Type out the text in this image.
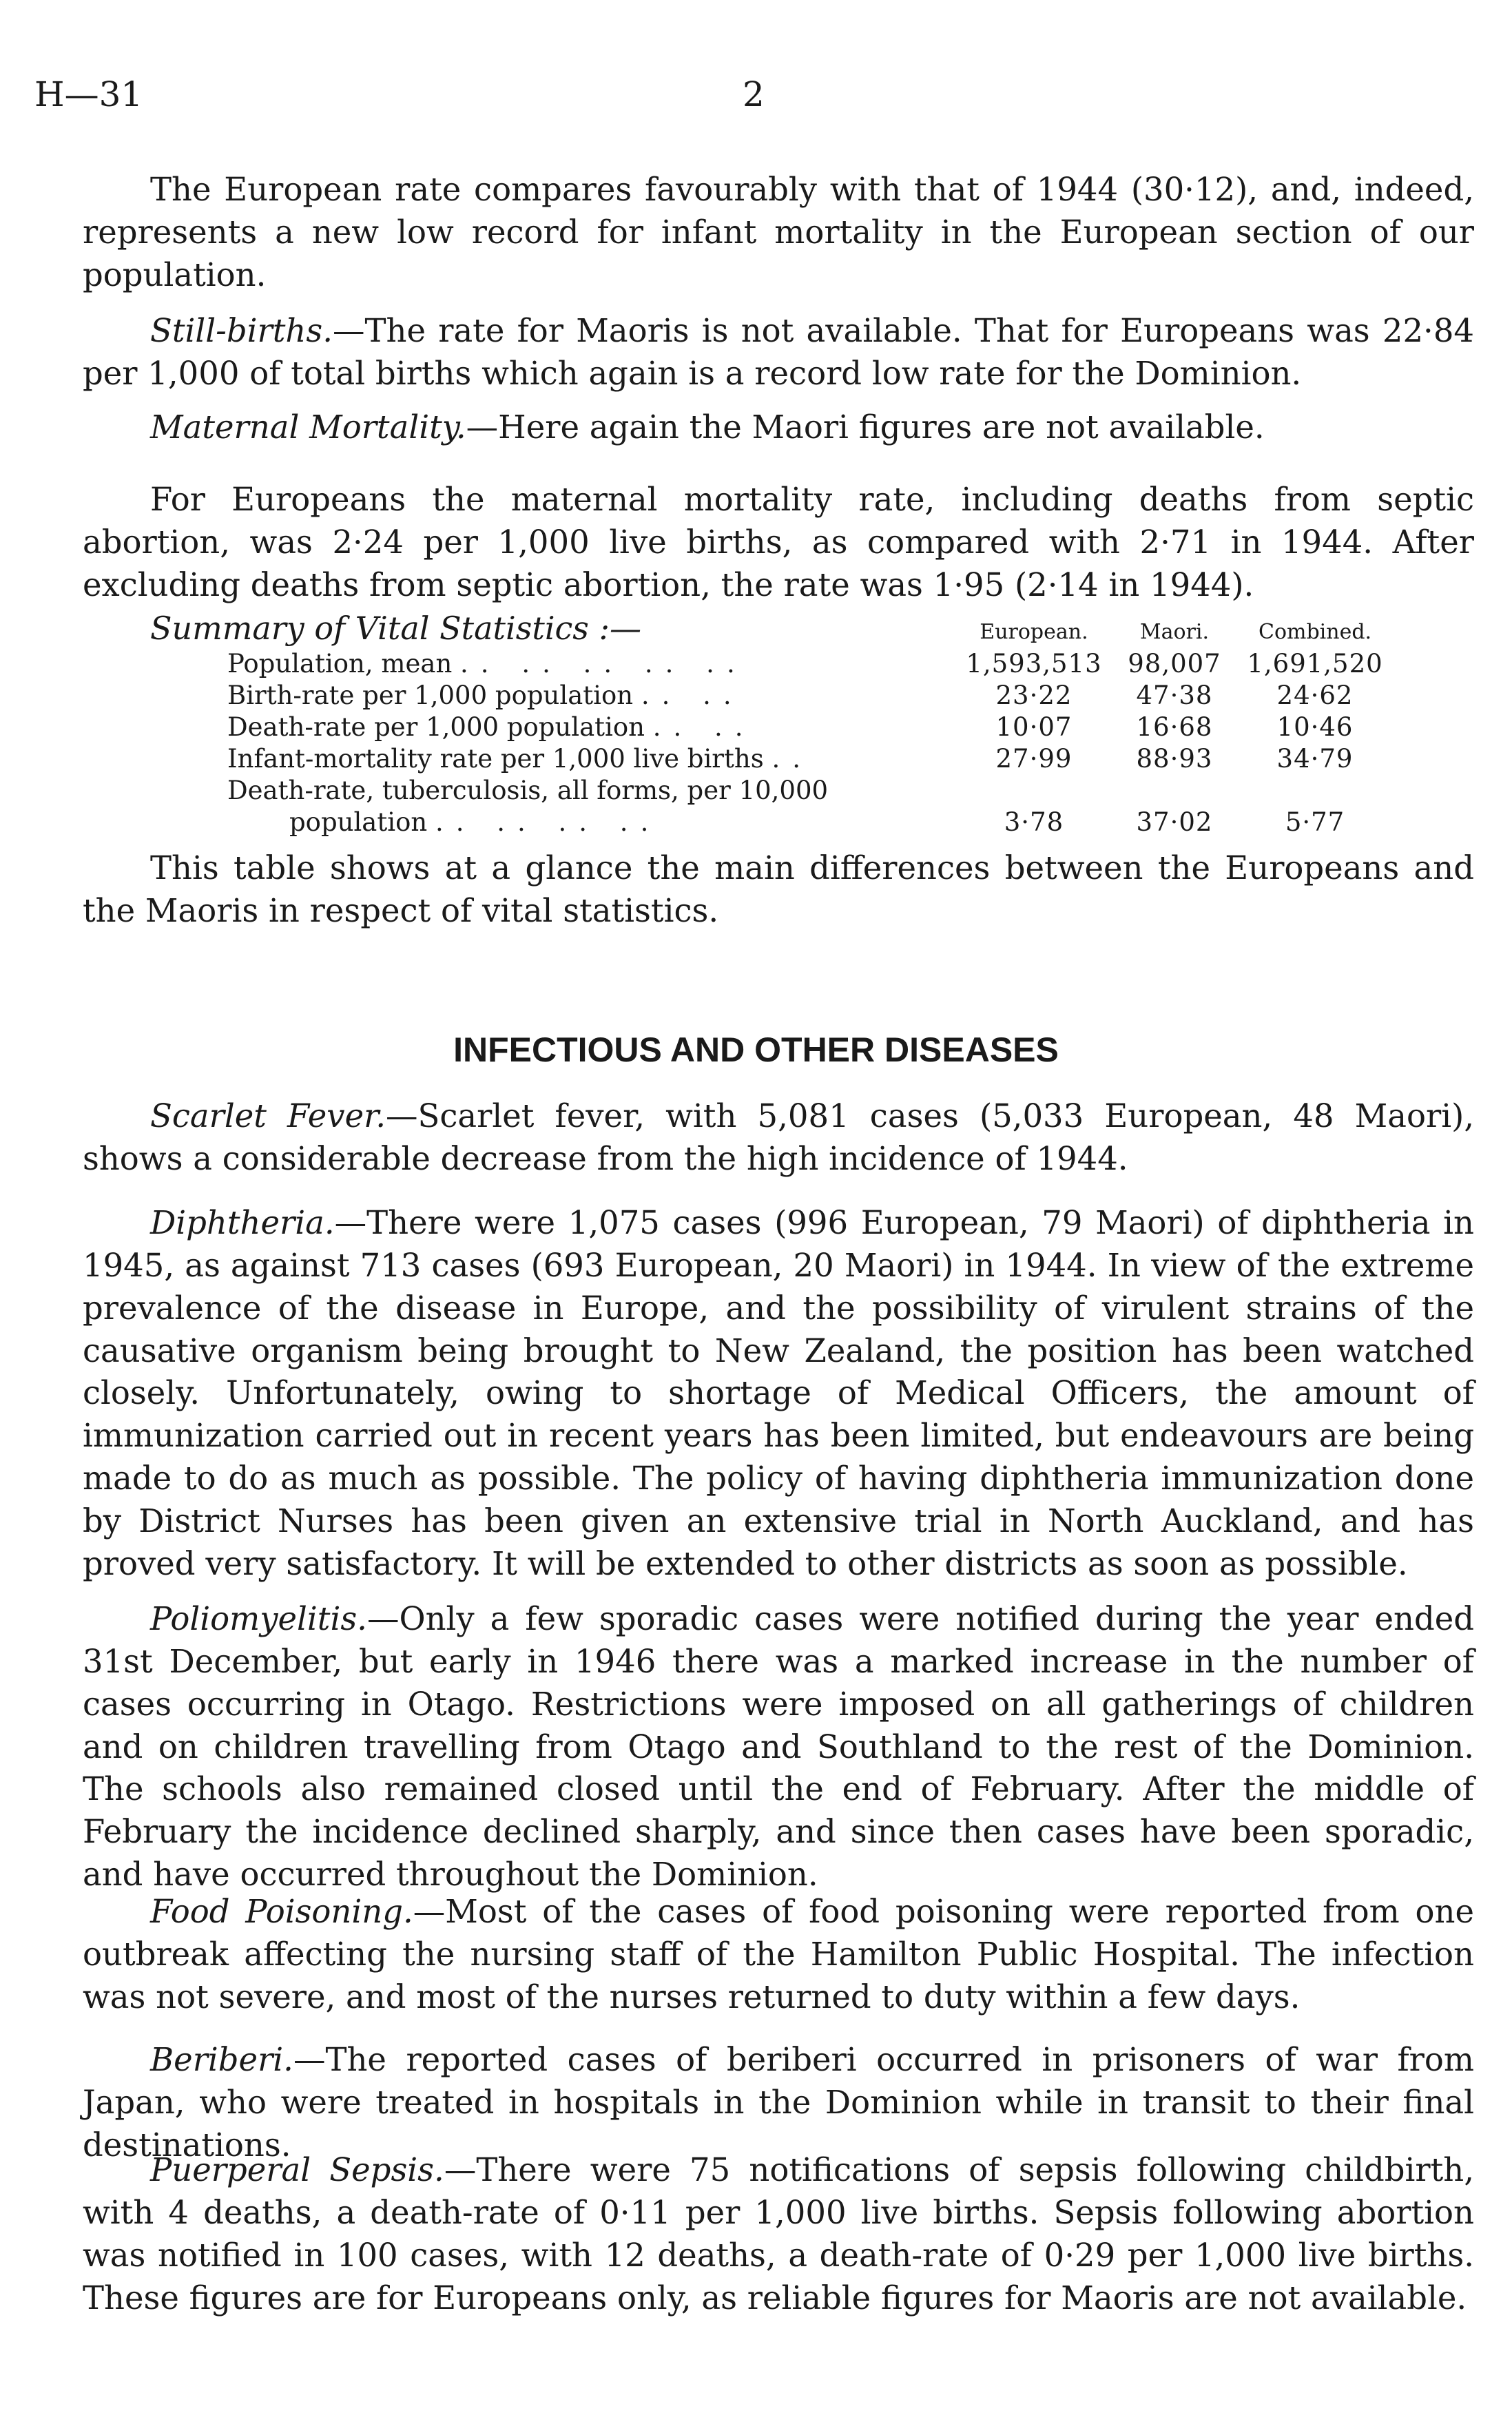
H—31	2

The European rate compares favourably with that of 1944 (30·12), and, indeed, represents a new low record for infant mortality in the European section of our population.

Still-births.—The rate for Maoris is not available. That for Europeans was 22·84 per 1,000 of total births which again is a record low rate for the Dominion.

Maternal Mortality.—Here again the Maori figures are not available.

For Europeans the maternal mortality rate, including deaths from septic abortion, was 2·24 per 1,000 live births, as compared with 2·71 in 1944. After excluding deaths from septic abortion, the rate was 1·95 (2·14 in 1944).

Summary of Vital Statistics :—
		European.	Maori.	Combined.
Population, mean .. .. .. .. ..	1,593,513	98,007	1,691,520
Birth-rate per 1,000 population .. ..	23·22	47·38	24·62
Death-rate per 1,000 population .. ..	10·07	16·68	10·46
Infant-mortality rate per 1,000 live births ..	27·99	88·93	34·79
Death-rate, tuberculosis, all forms, per 10,000			
population .. .. .. ..	3·78	37·02	5·77

This table shows at a glance the main differences between the Europeans and the Maoris in respect of vital statistics.

INFECTIOUS AND OTHER DISEASES

Scarlet Fever.—Scarlet fever, with 5,081 cases (5,033 European, 48 Maori), shows a considerable decrease from the high incidence of 1944.

Diphtheria.—There were 1,075 cases (996 European, 79 Maori) of diphtheria in 1945, as against 713 cases (693 European, 20 Maori) in 1944. In view of the extreme prevalence of the disease in Europe, and the possibility of virulent strains of the causative organism being brought to New Zealand, the position has been watched closely. Unfortunately, owing to shortage of Medical Officers, the amount of immunization carried out in recent years has been limited, but endeavours are being made to do as much as possible. The policy of having diphtheria immunization done by District Nurses has been given an extensive trial in North Auckland, and has proved very satisfactory. It will be extended to other districts as soon as possible.

Poliomyelitis.—Only a few sporadic cases were notified during the year ended 31st December, but early in 1946 there was a marked increase in the number of cases occurring in Otago. Restrictions were imposed on all gatherings of children and on children travelling from Otago and Southland to the rest of the Dominion. The schools also remained closed until the end of February. After the middle of February the incidence declined sharply, and since then cases have been sporadic, and have occurred throughout the Dominion.

Food Poisoning.—Most of the cases of food poisoning were reported from one outbreak affecting the nursing staff of the Hamilton Public Hospital. The infection was not severe, and most of the nurses returned to duty within a few days.

Beriberi.—The reported cases of beriberi occurred in prisoners of war from Japan, who were treated in hospitals in the Dominion while in transit to their final destinations.

Puerperal Sepsis.—There were 75 notifications of sepsis following childbirth, with 4 deaths, a death-rate of 0·11 per 1,000 live births. Sepsis following abortion was notified in 100 cases, with 12 deaths, a death-rate of 0·29 per 1,000 live births. These figures are for Europeans only, as reliable figures for Maoris are not available.
